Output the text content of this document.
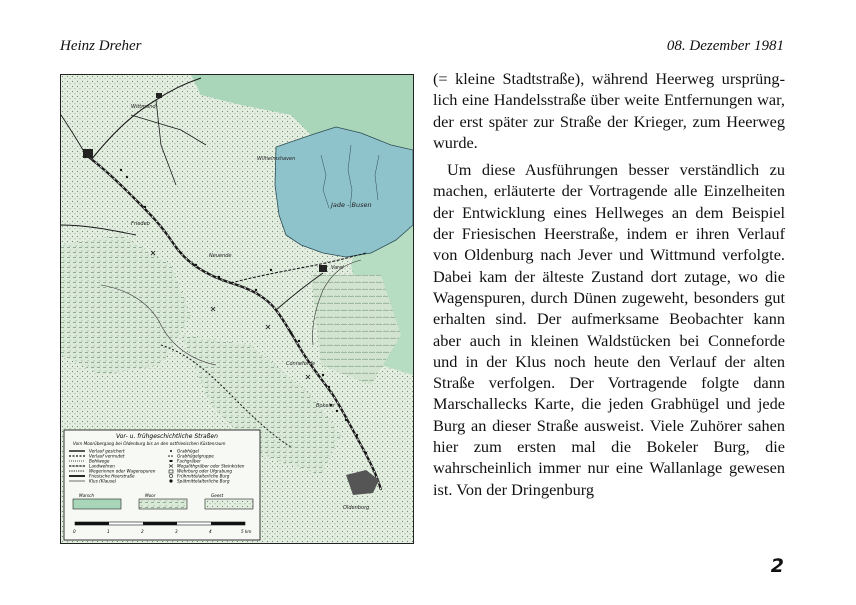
Heinz Dreher	08. Dezember 1981
Wittmund
Wilhelmshaven
Jade - Busen
Friedeb
Neuende
Varel
Conneforde
Bokeler
Oldenburg
Vor- u. frühgeschichtliche Straßen
Vom Moorübergang bei Oldenburg bis an den ostfriesischen Küstenraum
Verlauf gesichert
Verlauf vermutet
Bohlwege
Landwehren
Wegerinnen oder Wagenspuren
Friesische Heerstraße
Klus (Klause)
Grabhügel
Grabhügelgruppe
Fachgräber
Megalithgräber oder Steinkisten
Wehrburg oder Ufgrabung
Frühmittelalterliche Burg
Spätmittelalterliche Burg
Marsch	Moor	Geest
0	1	2	3	4	5 km

(= kleine Stadtstraße), während Heerweg ursprüng-lich eine Handelsstraße über weite Entfernungen war, der erst später zur Straße der Krieger, zum Heerweg wurde.

Um diese Ausführungen besser verständlich zu machen, erläuterte der Vortragende alle Einzelheiten der Entwicklung eines Hellweges an dem Beispiel der Friesischen Heerstraße, indem er ihren Verlauf von Oldenburg nach Jever und Wittmund verfolgte. Dabei kam der älteste Zustand dort zutage, wo die Wagenspuren, durch Dünen zugeweht, besonders gut erhalten sind. Der aufmerksame Beobachter kann aber auch in kleinen Waldstücken bei Conneforde und in der Klus noch heute den Verlauf der alten Straße verfolgen. Der Vortragende folgte dann Marschallecks Karte, die jeden Grabhügel und jede Burg an dieser Straße ausweist. Viele Zuhörer sahen hier zum ersten mal die Bokeler Burg, die wahrscheinlich immer nur eine Wallanlage gewesen ist. Von der Dringenburg

2
